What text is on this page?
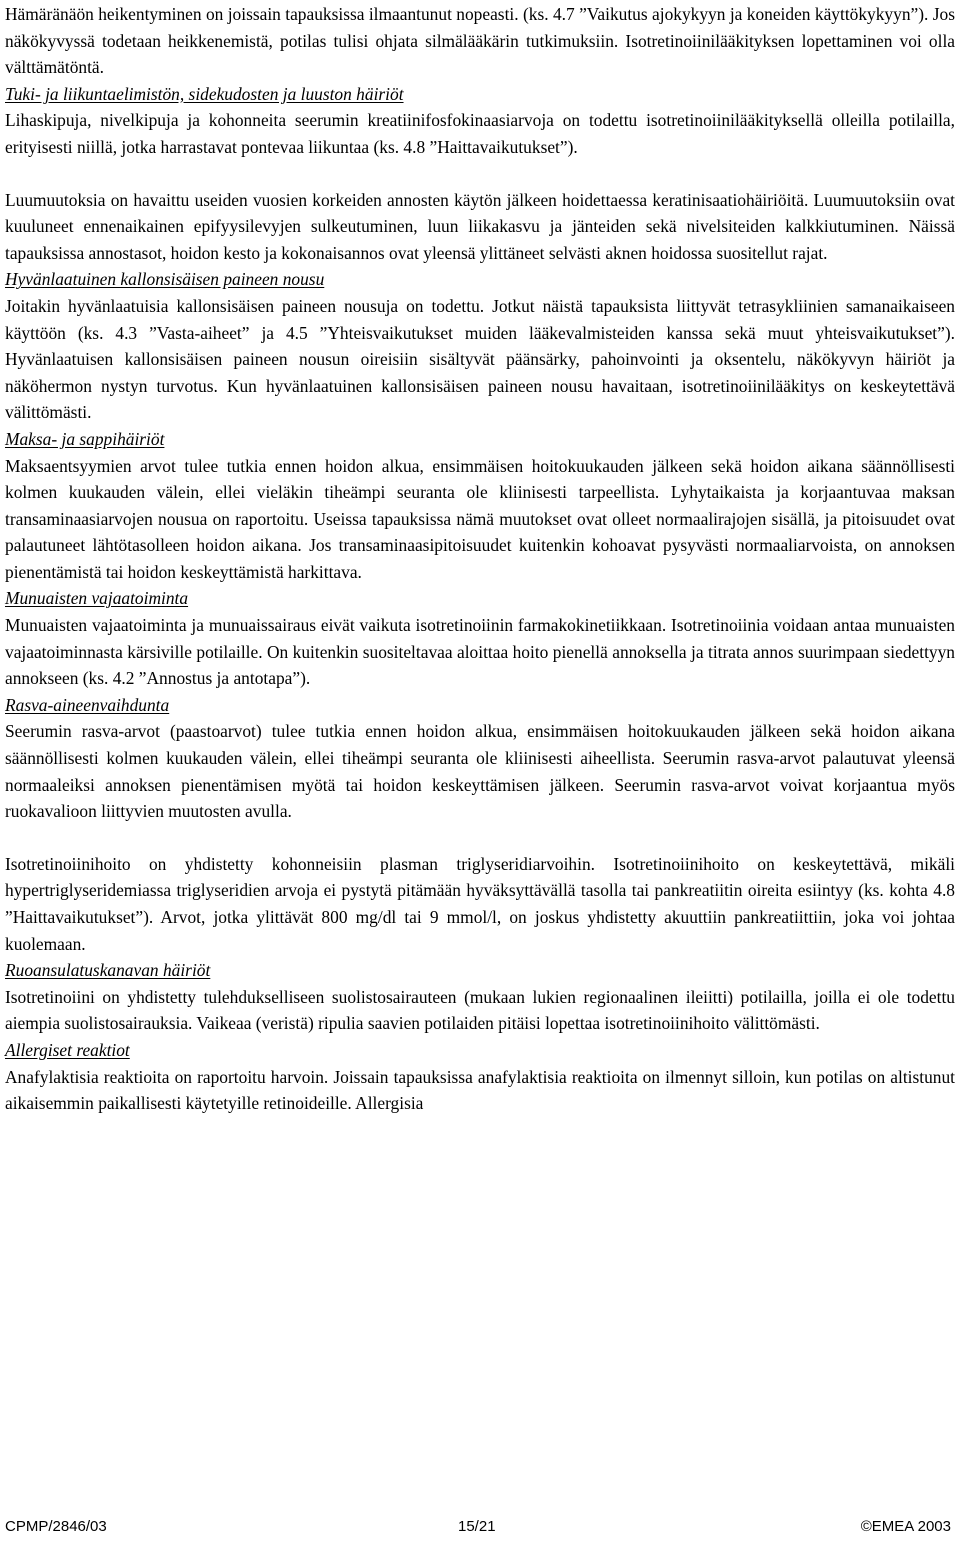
Hämäränäön heikentyminen on joissain tapauksissa ilmaantunut nopeasti. (ks. 4.7 ”Vaikutus ajokykyyn ja koneiden käyttökykyyn”). Jos näkökyvyssä todetaan heikkenemistä, potilas tulisi ohjata silmälääkärin tutkimuksiin. Isotretinoiinilääkityksen lopettaminen voi olla välttämätöntä.

Tuki- ja liikuntaelimistön, sidekudosten ja luuston häiriöt

Lihaskipuja, nivelkipuja ja kohonneita seerumin kreatiinifosfokinaasiarvoja on todettu isotretinoiinilääkityksellä olleilla potilailla, erityisesti niillä, jotka harrastavat pontevaa liikuntaa (ks. 4.8 ”Haittavaikutukset”).

Luumuutoksia on havaittu useiden vuosien korkeiden annosten käytön jälkeen hoidettaessa keratinisaatiohäiriöitä. Luumuutoksiin ovat kuuluneet ennenaikainen epifyysilevyjen sulkeutuminen, luun liikakasvu ja jänteiden sekä nivelsiteiden kalkkiutuminen. Näissä tapauksissa annostasot, hoidon kesto ja kokonaisannos ovat yleensä ylittäneet selvästi aknen hoidossa suositellut rajat.

Hyvänlaatuinen kallonsisäisen paineen nousu

Joitakin hyvänlaatuisia kallonsisäisen paineen nousuja on todettu. Jotkut näistä tapauksista liittyvät tetrasykliinien samanaikaiseen käyttöön (ks. 4.3 ”Vasta-aiheet” ja 4.5 ”Yhteisvaikutukset muiden lääkevalmisteiden kanssa sekä muut yhteisvaikutukset”). Hyvänlaatuisen kallonsisäisen paineen nousun oireisiin sisältyvät päänsärky, pahoinvointi ja oksentelu, näkökyvyn häiriöt ja näköhermon nystyn turvotus. Kun hyvänlaatuinen kallonsisäisen paineen nousu havaitaan, isotretinoiinilääkitys on keskeytettävä välittömästi.

Maksa- ja sappihäiriöt

Maksaentsyymien arvot tulee tutkia ennen hoidon alkua, ensimmäisen hoitokuukauden jälkeen sekä hoidon aikana säännöllisesti kolmen kuukauden välein, ellei vieläkin tiheämpi seuranta ole kliinisesti tarpeellista. Lyhytaikaista ja korjaantuvaa maksan transaminaasiarvojen nousua on raportoitu. Useissa tapauksissa nämä muutokset ovat olleet normaalirajojen sisällä, ja pitoisuudet ovat palautuneet lähtötasolleen hoidon aikana. Jos transaminaasipitoisuudet kuitenkin kohoavat pysyvästi normaaliarvoista, on annoksen pienentämistä tai hoidon keskeyttämistä harkittava.

Munuaisten vajaatoiminta

Munuaisten vajaatoiminta ja munuaissairaus eivät vaikuta isotretinoiinin farmakokinetiikkaan. Isotretinoiinia voidaan antaa munuaisten vajaatoiminnasta kärsiville potilaille. On kuitenkin suositeltavaa aloittaa hoito pienellä annoksella ja titrata annos suurimpaan siedettyyn annokseen (ks. 4.2 ”Annostus ja antotapa”).

Rasva-aineenvaihdunta

Seerumin rasva-arvot (paastoarvot) tulee tutkia ennen hoidon alkua, ensimmäisen hoitokuukauden jälkeen sekä hoidon aikana säännöllisesti kolmen kuukauden välein, ellei tiheämpi seuranta ole kliinisesti aiheellista. Seerumin rasva-arvot palautuvat yleensä normaaleiksi annoksen pienentämisen myötä tai hoidon keskeyttämisen jälkeen. Seerumin rasva-arvot voivat korjaantua myös ruokavalioon liittyvien muutosten avulla.

Isotretinoiinihoito on yhdistetty kohonneisiin plasman triglyseridiarvoihin. Isotretinoiinihoito on keskeytettävä, mikäli hypertriglyseridemiassa triglyseridien arvoja ei pystytä pitämään hyväksyttävällä tasolla tai pankreatiitin oireita esiintyy (ks. kohta 4.8 ”Haittavaikutukset”). Arvot, jotka ylittävät 800 mg/dl tai 9 mmol/l, on joskus yhdistetty akuuttiin pankreatiittiin, joka voi johtaa kuolemaan.

Ruoansulatuskanavan häiriöt

Isotretinoiini on yhdistetty tulehdukselliseen suolistosairauteen (mukaan lukien regionaalinen ileiitti) potilailla, joilla ei ole todettu aiempia suolistosairauksia. Vaikeaa (veristä) ripulia saavien potilaiden pitäisi lopettaa isotretinoiinihoito välittömästi.

Allergiset reaktiot

Anafylaktisia reaktioita on raportoitu harvoin. Joissain tapauksissa anafylaktisia reaktioita on ilmennyt silloin, kun potilas on altistunut aikaisemmin paikallisesti käytetyille retinoideille. Allergisia

CPMP/2846/03	15/21	©EMEA 2003
